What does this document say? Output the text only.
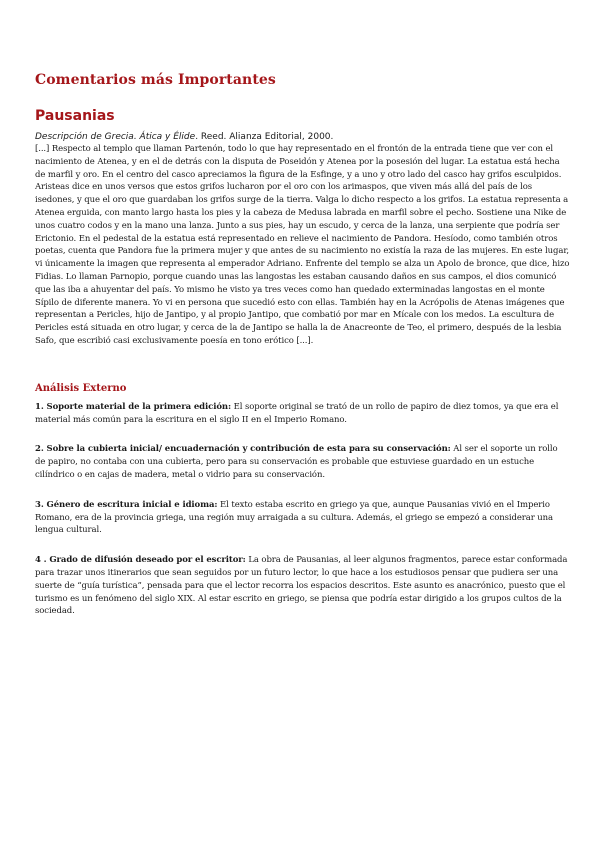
Comentarios más Importantes
Pausanias

Descripción de Grecia. Ática y Élide. Reed. Alianza Editorial, 2000.

[...] Respecto al templo que llaman Partenón, todo lo que hay representado en el frontón de la entrada tiene que ver con el nacimiento de Atenea, y en el de detrás con la disputa de Poseidón y Atenea por la posesión del lugar. La estatua está hecha de marfil y oro. En el centro del casco apreciamos la figura de la Esfinge, y a uno y otro lado del casco hay grifos esculpidos. Aristeas dice en unos versos que estos grifos lucharon por el oro con los arimaspos, que viven más allá del país de los isedones, y que el oro que guardaban los grifos surge de la tierra. Valga lo dicho respecto a los grifos. La estatua representa a Atenea erguida, con manto largo hasta los pies y la cabeza de Medusa labrada en marfil sobre el pecho. Sostiene una Nike de unos cuatro codos y en la mano una lanza. Junto a sus pies, hay un escudo, y cerca de la lanza, una serpiente que podría ser Erictonio. En el pedestal de la estatua está representado en relieve el nacimiento de Pandora. Hesíodo, como también otros poetas, cuenta que Pandora fue la primera mujer y que antes de su nacimiento no existía la raza de las mujeres. En este lugar, vi únicamente la imagen que representa al emperador Adriano. Enfrente del templo se alza un Apolo de bronce, que dice, hizo Fidias. Lo llaman Parnopio, porque cuando unas las langostas les estaban causando daños en sus campos, el dios comunicó que las iba a ahuyentar del país. Yo mismo he visto ya tres veces como han quedado exterminadas langostas en el monte Sípilo de diferente manera. Yo vi en persona que sucedió esto con ellas. También hay en la Acrópolis de Atenas imágenes que representan a Pericles, hijo de Jantipo, y al propio Jantipo, que combatió por mar en Mícale con los medos. La escultura de Pericles está situada en otro lugar, y cerca de la de Jantipo se halla la de Anacreonte de Teo, el primero, después de la lesbia Safo, que escribió casi exclusivamente poesía en tono erótico [...].

Análisis Externo

1. Soporte material de la primera edición: El soporte original se trató de un rollo de papiro de diez tomos, ya que era el material más común para la escritura en el siglo II en el Imperio Romano.

2. Sobre la cubierta inicial/ encuadernación y contribución de esta para su conservación: Al ser el soporte un rollo de papiro, no contaba con una cubierta, pero para su conservación es probable que estuviese guardado en un estuche cilíndrico o en cajas de madera, metal o vidrio para su conservación.

3. Género de escritura inicial e idioma: El texto estaba escrito en griego ya que, aunque Pausanias vivió en el Imperio Romano, era de la provincia griega, una región muy arraigada a su cultura. Además, el griego se empezó a considerar una lengua cultural.

4 . Grado de difusión deseado por el escritor: La obra de Pausanias, al leer algunos fragmentos, parece estar conformada para trazar unos itinerarios que sean seguidos por un futuro lector, lo que hace a los estudiosos pensar que pudiera ser una suerte de “guía turística”, pensada para que el lector recorra los espacios descritos. Este asunto es anacrónico, puesto que el turismo es un fenómeno del siglo XIX. Al estar escrito en griego, se piensa que podría estar dirigido a los grupos cultos de la sociedad.
